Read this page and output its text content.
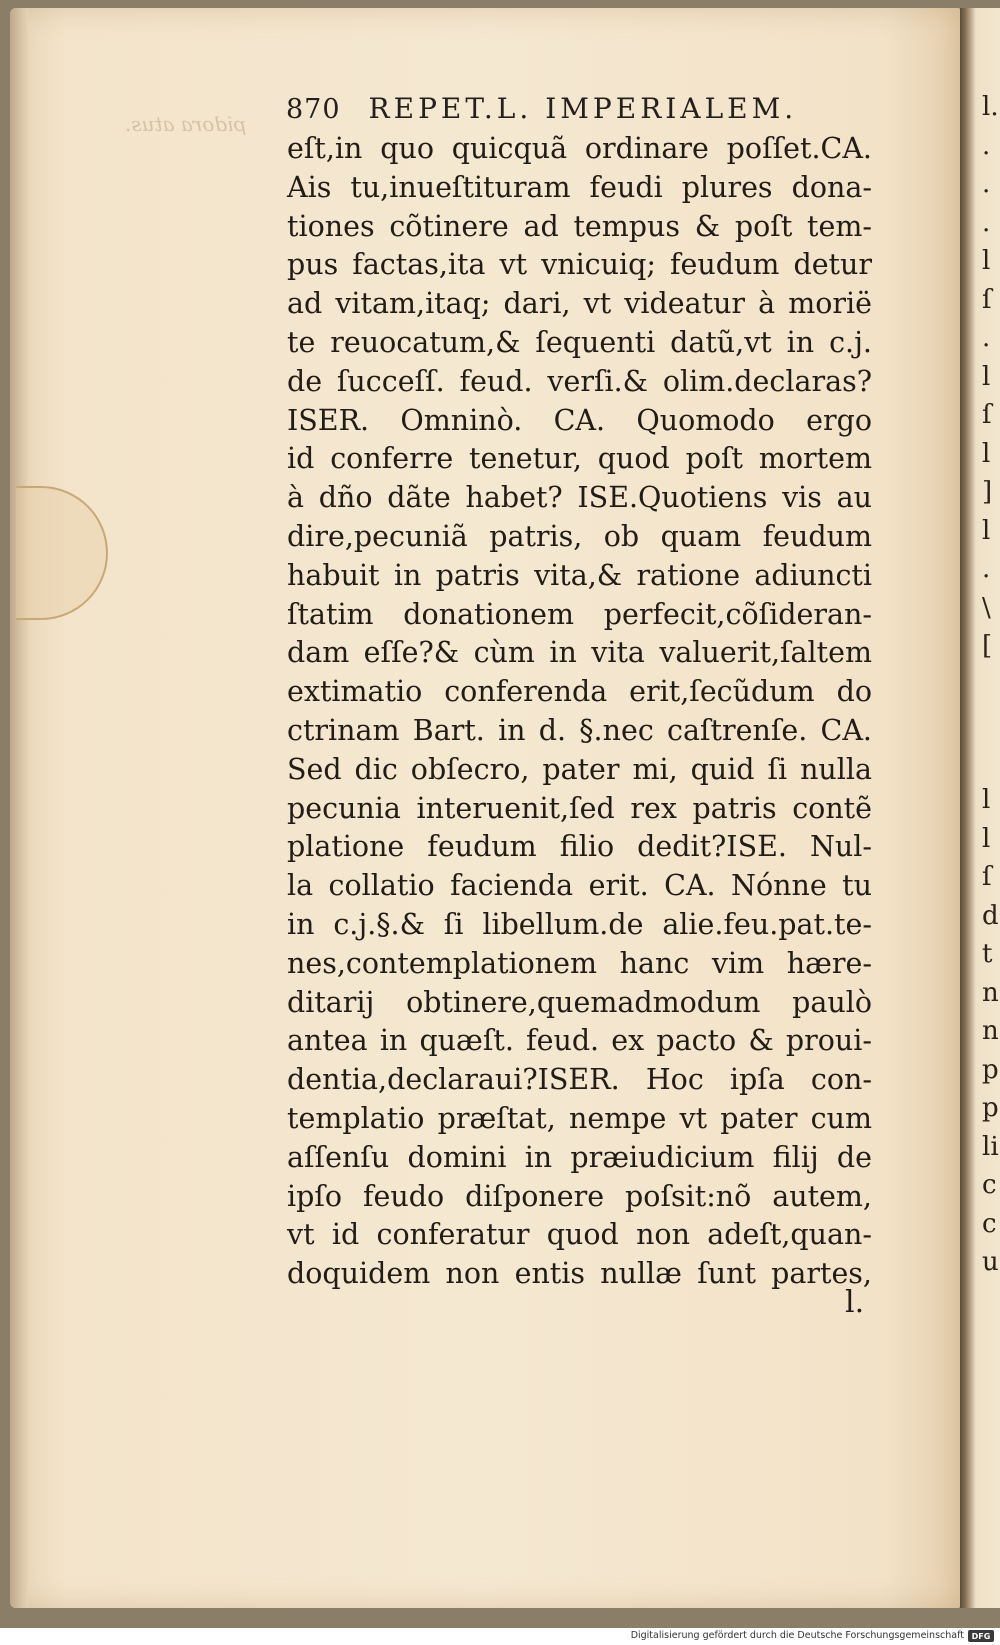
l.
.
.
.
l
ſ
.
l
ſ
l
]
l
.
\
[
l
l
ſ
d
t
n
n
p
p
li
c
c
u
pidora atus.	870 REPET.L. IMPERIALEM.
eſt,in quo quicquã ordinare poſſet.CA.
Ais tu,inueſtituram feudi plures dona-
tiones cõtinere ad tempus & poſt tem-
pus factas,ita vt vnicuiq; feudum detur
ad vitam,itaq; dari, vt videatur à morië
te reuocatum,& ſequenti datũ,vt in c.j.
de ſucceſſ. feud. verſi.& olim.declaras?
ISER. Omninò. CA. Quomodo ergo
id conferre tenetur, quod poſt mortem
à dño dãte habet? ISE.Quotiens vis au
dire,pecuniã patris, ob quam feudum
habuit in patris vita,& ratione adiuncti
ſtatim donationem perfecit,cõſideran-
dam eſſe?& cùm in vita valuerit,ſaltem
extimatio conferenda erit,ſecũdum do
ctrinam Bart. in d. §.nec caſtrenſe. CA.
Sed dic obſecro, pater mi, quid ſi nulla
pecunia interuenit,ſed rex patris contẽ
platione feudum filio dedit?ISE. Nul-
la collatio facienda erit. CA. Nónne tu
in c.j.§.& ſi libellum.de alie.feu.pat.te-
nes,contemplationem hanc vim hære-
ditarij obtinere,quemadmodum paulò
antea in quæſt. feud. ex pacto & proui-
dentia,declaraui?ISER. Hoc ipſa con-
templatio præſtat, nempe vt pater cum
aſſenſu domini in præiudicium filij de
ipſo feudo diſponere poſsit:nõ autem,
vt id conferatur quod non adeſt,quan-
doquidem non entis nullæ ſunt partes,
l.
Digitalisierung gefördert durch die Deutsche Forschungsgemeinschaft DFG
